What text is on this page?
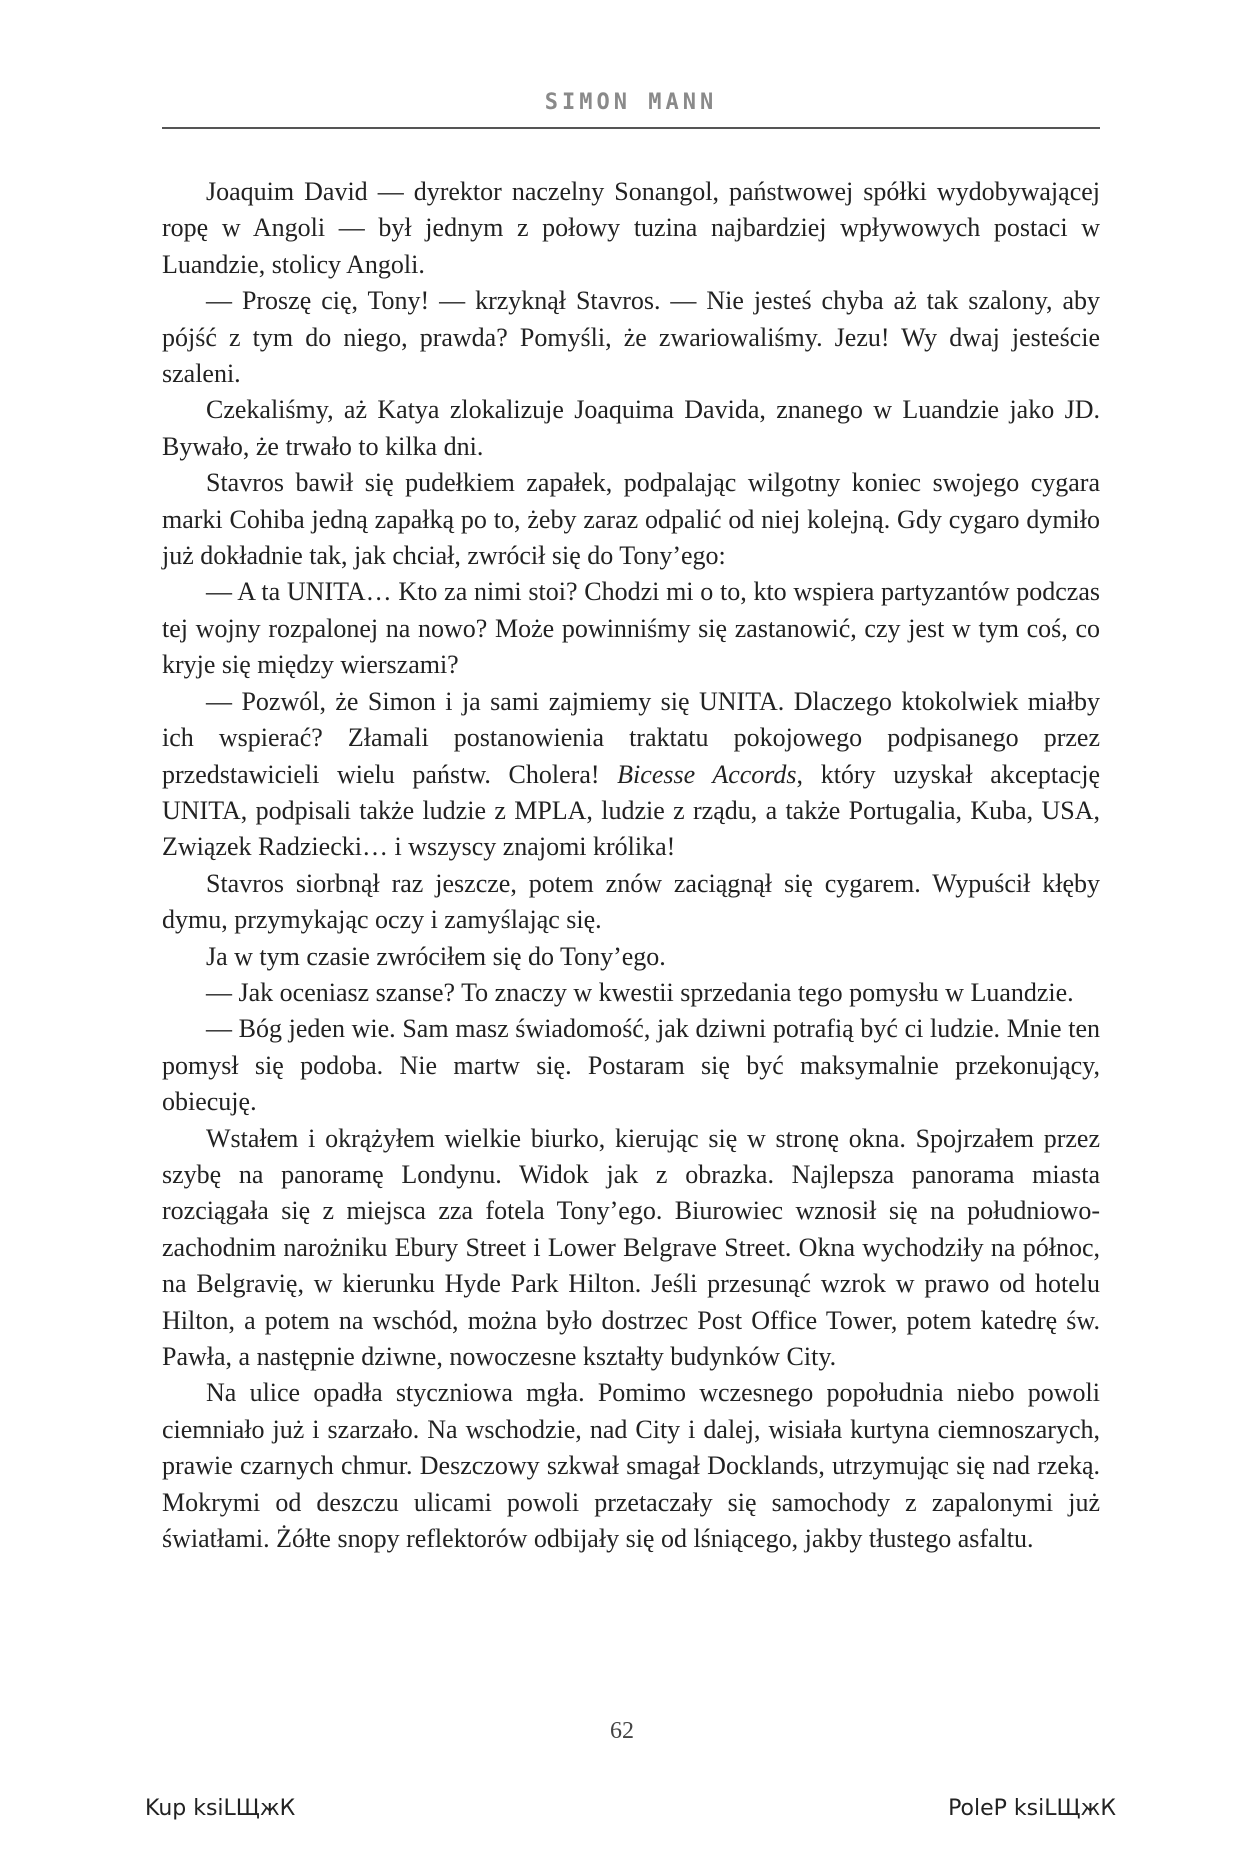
SIMON MANN

Joaquim David — dyrektor naczelny Sonangol, państwowej spółki wydobywającej ropę w Angoli — był jednym z połowy tuzina najbardziej wpływowych postaci w Luandzie, stolicy Angoli.

— Proszę cię, Tony! — krzyknął Stavros. — Nie jesteś chyba aż tak szalony, aby pójść z tym do niego, prawda? Pomyśli, że zwariowaliśmy. Jezu! Wy dwaj jesteście szaleni.

Czekaliśmy, aż Katya zlokalizuje Joaquima Davida, znanego w Luandzie jako JD. Bywało, że trwało to kilka dni.

Stavros bawił się pudełkiem zapałek, podpalając wilgotny koniec swojego cygara marki Cohiba jedną zapałką po to, żeby zaraz odpalić od niej kolejną. Gdy cygaro dymiło już dokładnie tak, jak chciał, zwrócił się do Tony’ego:

— A ta UNITA… Kto za nimi stoi? Chodzi mi o to, kto wspiera partyzantów podczas tej wojny rozpalonej na nowo? Może powinniśmy się zastanowić, czy jest w tym coś, co kryje się między wierszami?

— Pozwól, że Simon i ja sami zajmiemy się UNITA. Dlaczego ktokolwiek miałby ich wspierać? Złamali postanowienia traktatu pokojowego podpisanego przez przedstawicieli wielu państw. Cholera! Bicesse Accords, który uzyskał akceptację UNITA, podpisali także ludzie z MPLA, ludzie z rządu, a także Portugalia, Kuba, USA, Związek Radziecki… i wszyscy znajomi królika!

Stavros siorbnął raz jeszcze, potem znów zaciągnął się cygarem. Wypuścił kłęby dymu, przymykając oczy i zamyślając się.

Ja w tym czasie zwróciłem się do Tony’ego.

— Jak oceniasz szanse? To znaczy w kwestii sprzedania tego pomysłu w Luandzie.

— Bóg jeden wie. Sam masz świadomość, jak dziwni potrafią być ci ludzie. Mnie ten pomysł się podoba. Nie martw się. Postaram się być maksymalnie przekonujący, obiecuję.

Wstałem i okrążyłem wielkie biurko, kierując się w stronę okna. Spojrzałem przez szybę na panoramę Londynu. Widok jak z obrazka. Najlepsza panorama miasta rozciągała się z miejsca zza fotela Tony’ego. Biurowiec wznosił się na południowo-zachodnim narożniku Ebury Street i Lower Belgrave Street. Okna wychodziły na północ, na Belgravię, w kierunku Hyde Park Hilton. Jeśli przesunąć wzrok w prawo od hotelu Hilton, a potem na wschód, można było dostrzec Post Office Tower, potem katedrę św. Pawła, a następnie dziwne, nowoczesne kształty budynków City.

Na ulice opadła styczniowa mgła. Pomimo wczesnego popołudnia niebo powoli ciemniało już i szarzało. Na wschodzie, nad City i dalej, wisiała kurtyna ciemnoszarych, prawie czarnych chmur. Deszczowy szkwał smagał Docklands, utrzymując się nad rzeką. Mokrymi od deszczu ulicami powoli przetaczały się samochody z zapalonymi już światłami. Żółte snopy reflektorów odbijały się od lśniącego, jakby tłustego asfaltu.

62
Kup ksiLЩжК	PoleP ksiLЩжК
